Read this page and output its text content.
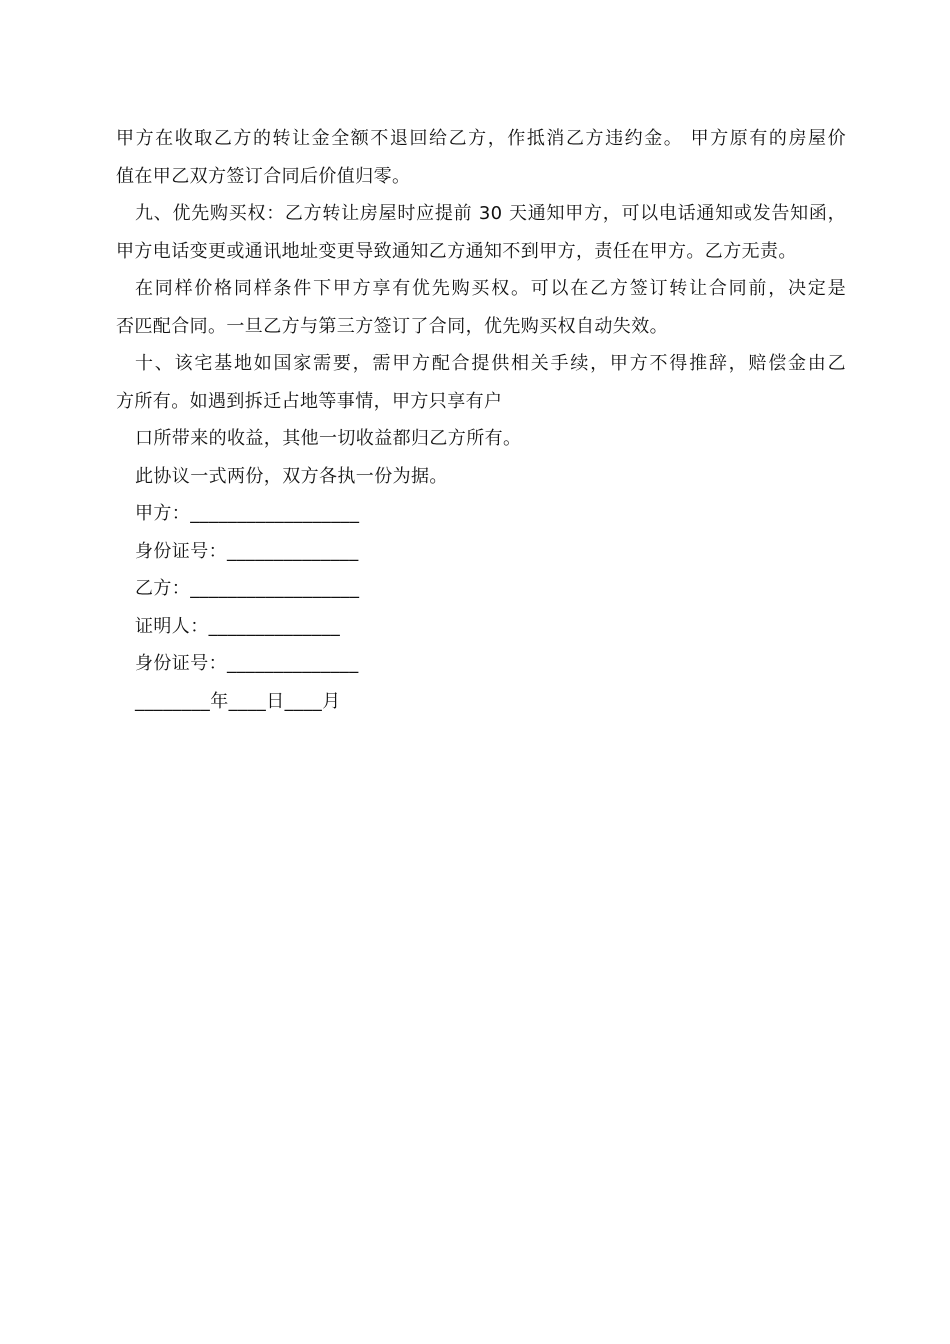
甲方在收取乙方的转让金全额不退回给乙方，作抵消乙方违约金。 甲方原有的房屋价
值在甲乙双方签订合同后价值归零。
九、优先购买权：乙方转让房屋时应提前 30 天通知甲方，可以电话通知或发告知函，
甲方电话变更或通讯地址变更导致通知乙方通知不到甲方，责任在甲方。乙方无责。
在同样价格同样条件下甲方享有优先购买权。可以在乙方签订转让合同前，决定是
否匹配合同。一旦乙方与第三方签订了合同，优先购买权自动失效。
十、该宅基地如国家需要，需甲方配合提供相关手续，甲方不得推辞，赔偿金由乙
方所有。如遇到拆迁占地等事情，甲方只享有户
口所带来的收益，其他一切收益都归乙方所有。
此协议一式两份，双方各执一份为据。
甲方：__________________
身份证号：______________
乙方：__________________
证明人：______________
身份证号：______________
________年____日____月
